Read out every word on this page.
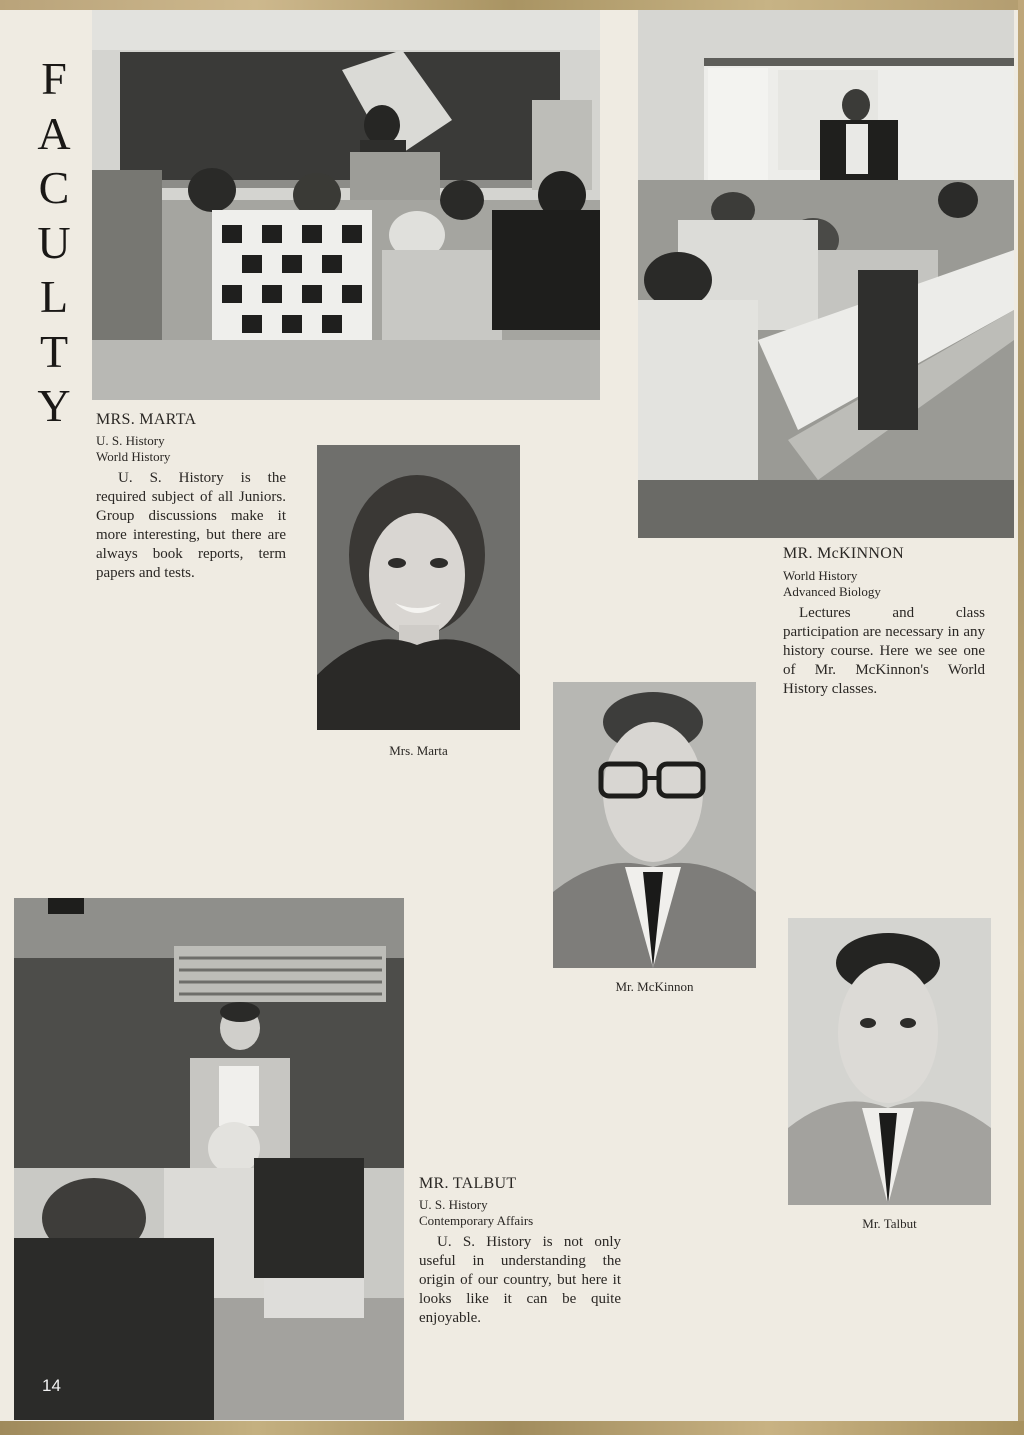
F
A
C
U
L
T
Y	MRS. MARTA
U. S. History
World History

U. S. History is the required subject of all Juniors. Group discussions make it more interesting, but there are always book reports, term papers and tests.

Mrs. Marta
MR. McKINNON
World History
Advanced Biology

Lectures and class participation are necessary in any history course. Here we see one of Mr. McKinnon's World History classes.

Mr. McKinnon
MR. TALBUT
U. S. History
Contemporary Affairs

U. S. History is not only useful in understanding the origin of our country, but here it looks like it can be quite enjoyable.

Mr. Talbut
14
